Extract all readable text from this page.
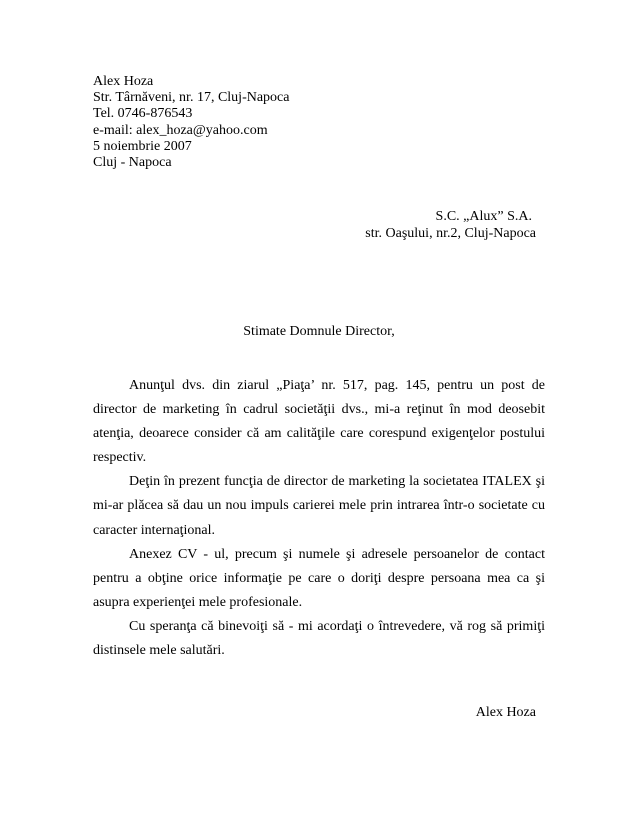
Alex Hoza
Str. Târnăveni, nr. 17, Cluj-Napoca
Tel. 0746-876543
e-mail: alex_hoza@yahoo.com
5 noiembrie 2007
Cluj - Napoca
S.C. „Alux” S.A.
str. Oaşului, nr.2, Cluj-Napoca
Stimate Domnule Director,

Anunţul dvs. din ziarul „Piaţa’ nr. 517, pag. 145, pentru un post de director de marketing în cadrul societăţii dvs., mi-a reţinut în mod deosebit atenţia, deoarece consider că am calităţile care corespund exigenţelor postului respectiv.

Deţin în prezent funcţia de director de marketing la societatea ITALEX şi mi-ar plăcea să dau un nou impuls carierei mele prin intrarea într-o societate cu caracter internaţional.

Anexez CV - ul, precum şi numele şi adresele persoanelor de contact pentru a obţine orice informaţie pe care o doriţi despre persoana mea ca şi asupra experienţei mele profesionale.

Cu speranţa că binevoiţi să - mi acordaţi o întrevedere, vă rog să primiţi distinsele mele salutări.

Alex Hoza
